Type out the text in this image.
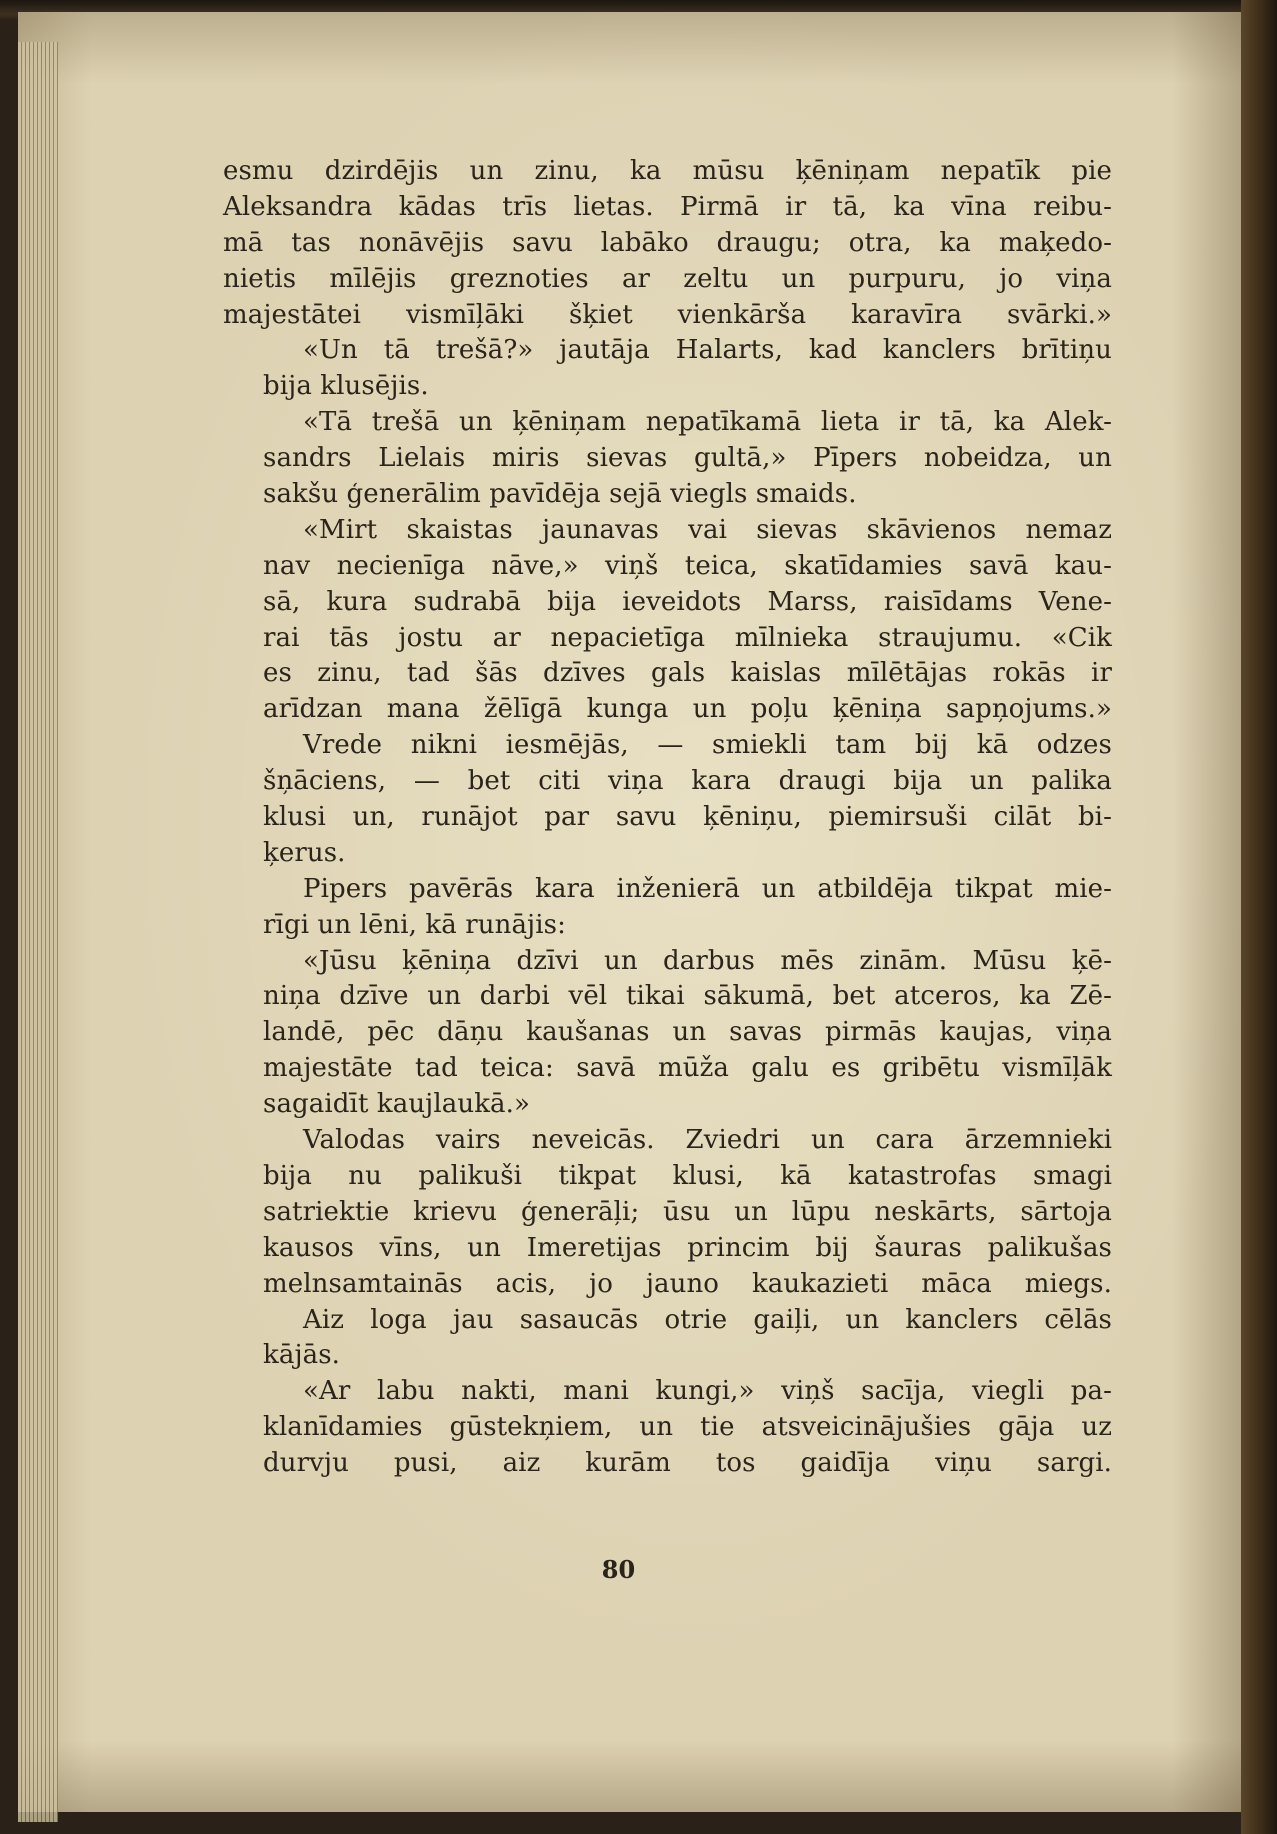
esmu dzirdējis un zinu, ka mūsu ķēniņam nepatīk pie
Aleksandra kādas trīs lietas. Pirmā ir tā, ka vīna reibu-
mā tas nonāvējis savu labāko draugu; otra, ka maķedo-
nietis mīlējis greznoties ar zeltu un purpuru, jo viņa
majestātei vismīļāki šķiet vienkārša karavīra svārki.»
«Un tā trešā?» jautāja Halarts, kad kanclers brītiņu
bija klusējis.
«Tā trešā un ķēniņam nepatīkamā lieta ir tā, ka Alek-
sandrs Lielais miris sievas gultā,» Pīpers nobeidza, un
sakšu ģenerālim pavīdēja sejā viegls smaids.
«Mirt skaistas jaunavas vai sievas skāvienos nemaz
nav necienīga nāve,» viņš teica, skatīdamies savā kau-
sā, kura sudrabā bija ieveidots Marss, raisīdams Vene-
rai tās jostu ar nepacietīga mīlnieka straujumu. «Cik
es zinu, tad šās dzīves gals kaislas mīlētājas rokās ir
arīdzan mana žēlīgā kunga un poļu ķēniņa sapņojums.»
Vrede nikni iesmējās, — smiekli tam bij kā odzes
šņāciens, — bet citi viņa kara draugi bija un palika
klusi un, runājot par savu ķēniņu, piemirsuši cilāt bi-
ķerus.
Pipers pavērās kara inženierā un atbildēja tikpat mie-
rīgi un lēni, kā runājis:
«Jūsu ķēniņa dzīvi un darbus mēs zinām. Mūsu ķē-
niņa dzīve un darbi vēl tikai sākumā, bet atceros, ka Zē-
landē, pēc dāņu kaušanas un savas pirmās kaujas, viņa
majestāte tad teica: savā mūža galu es gribētu vismīļāk
sagaidīt kaujlaukā.»
Valodas vairs neveicās. Zviedri un cara ārzemnieki
bija nu palikuši tikpat klusi, kā katastrofas smagi
satriektie krievu ģenerāļi; ūsu un lūpu neskārts, sārtoja
kausos vīns, un Imeretijas princim bij šauras palikušas
melnsamtainās acis, jo jauno kaukazieti māca miegs.
Aiz loga jau sasaucās otrie gaiļi, un kanclers cēlās
kājās.
«Ar labu nakti, mani kungi,» viņš sacīja, viegli pa-
klanīdamies gūstekņiem, un tie atsveicinājušies gāja uz
durvju pusi, aiz kurām tos gaidīja viņu sargi.
80
